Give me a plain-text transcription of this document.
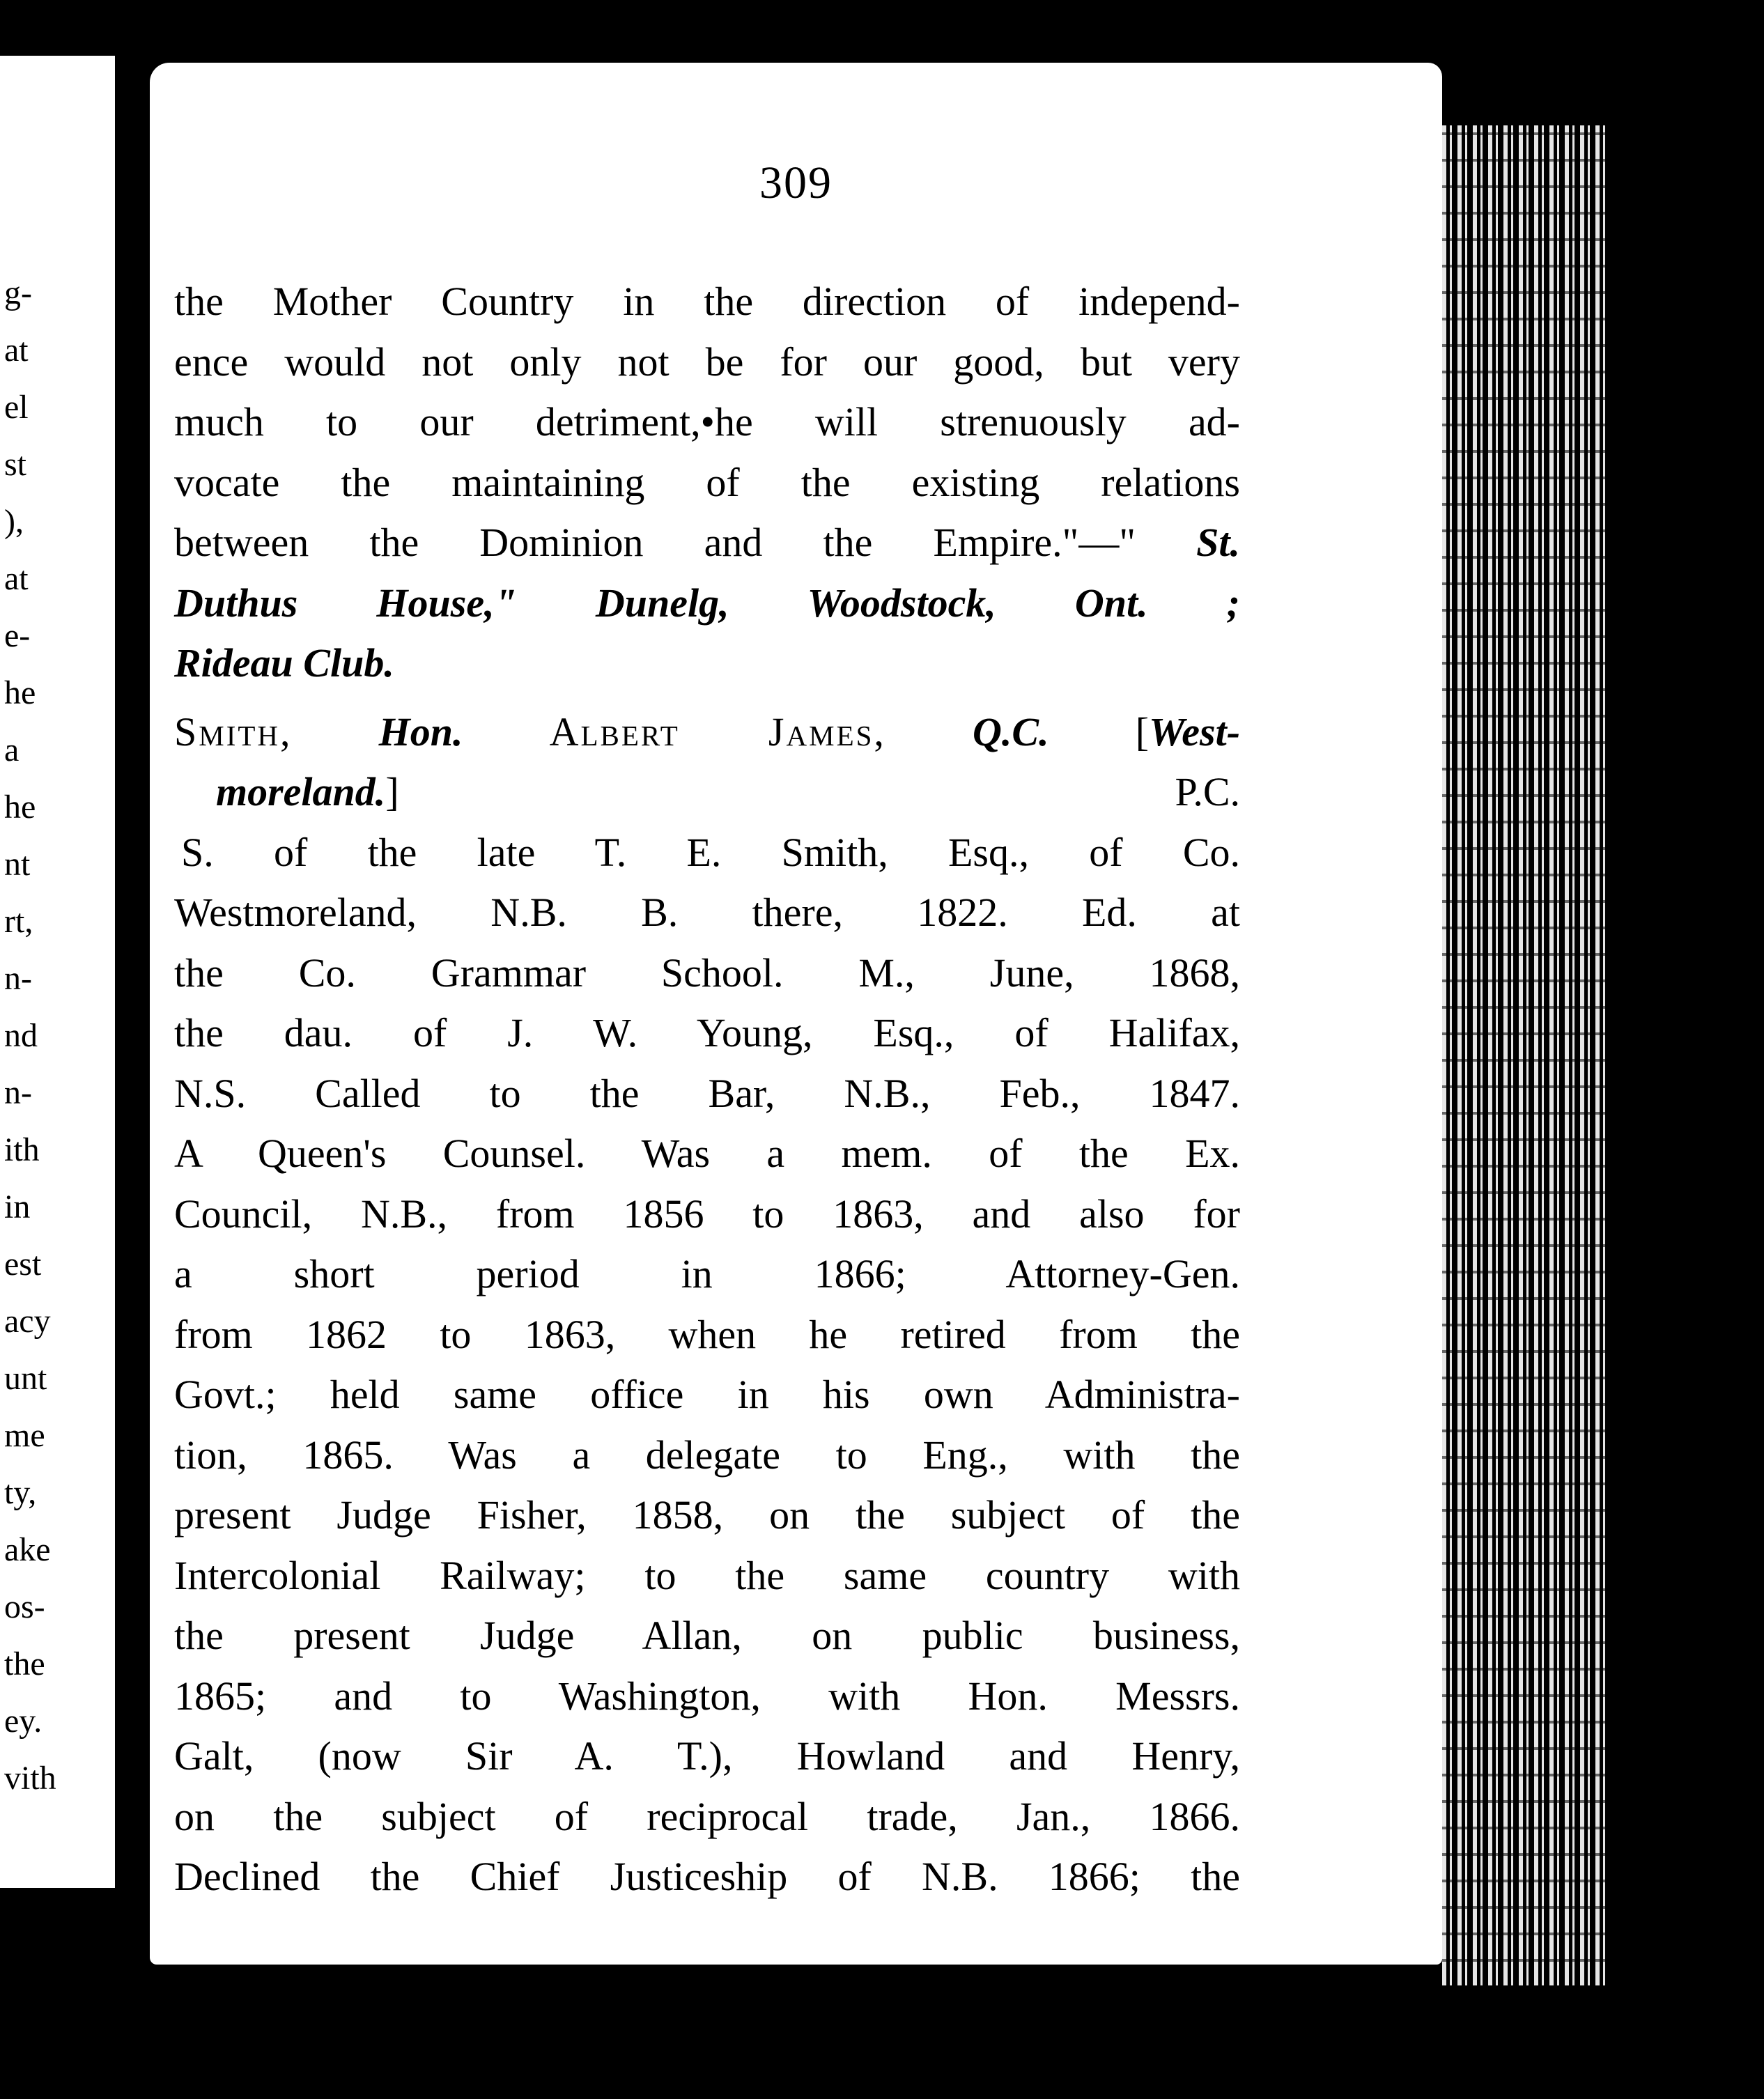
g-
at
el
st
),
at
e-
he
a
he
nt
rt,
n-
nd
n-
ith
in
est
acy
unt
me
ty,
ake
os-
the
ey.
vith
309
the Mother Country in the direction of independ-
ence would not only not be for our good, but very
much to our detriment,•he will strenuously ad-
vocate the maintaining of the existing relations
between the Dominion and the Empire."—" St.
Duthus House," Dunelg, Woodstock, Ont. ;
Rideau Club.
Smith, Hon. Albert James, Q.C. [West-
moreland.]	P.C.
S. of the late T. E. Smith, Esq., of Co.
Westmoreland, N.B. B. there, 1822. Ed. at
the Co. Grammar School. M., June, 1868,
the dau. of J. W. Young, Esq., of Halifax,
N.S. Called to the Bar, N.B., Feb., 1847.
A Queen's Counsel. Was a mem. of the Ex.
Council, N.B., from 1856 to 1863, and also for
a short period in 1866; Attorney-Gen.
from 1862 to 1863, when he retired from the
Govt.; held same office in his own Administra-
tion, 1865. Was a delegate to Eng., with the
present Judge Fisher, 1858, on the subject of the
Intercolonial Railway; to the same country with
the present Judge Allan, on public business,
1865; and to Washington, with Hon. Messrs.
Galt, (now Sir A. T.), Howland and Henry,
on the subject of reciprocal trade, Jan., 1866.
Declined the Chief Justiceship of N.B. 1866; the
